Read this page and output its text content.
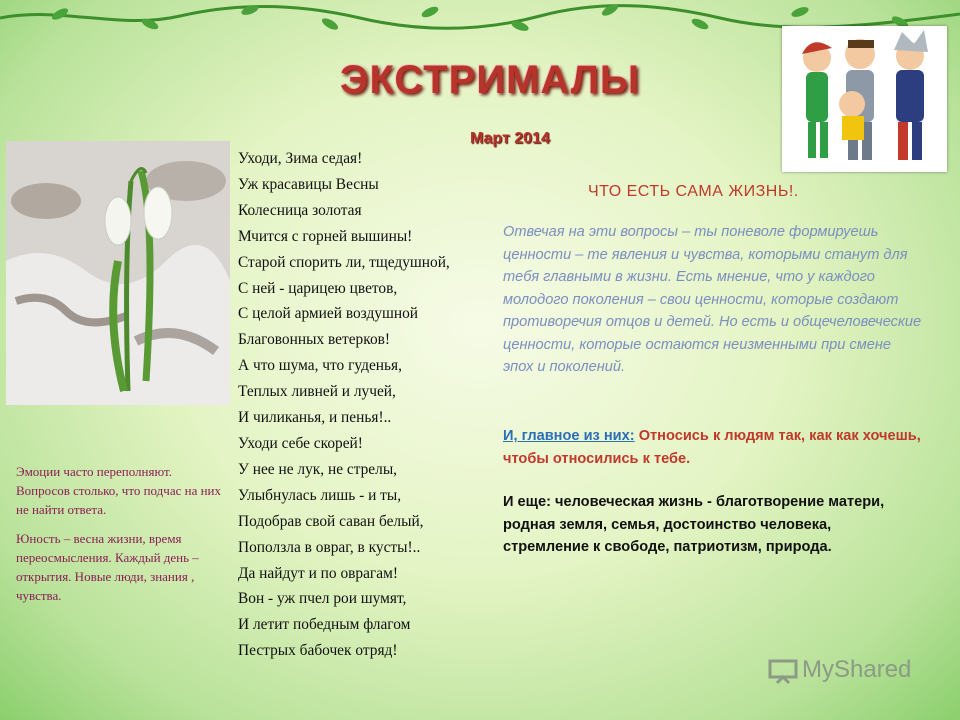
ЭКСТРИМАЛЫ
Март 2014
Уходи, Зима седая!
Уж красавицы Весны
Колесница золотая
Мчится с горней вышины!
Старой спорить ли, тщедушной,
С ней - царицею цветов,
С целой армией воздушной
Благовонных ветерков!
А что шума, что гуденья,
Теплых ливней и лучей,
И чиликанья, и пенья!..
Уходи себе скорей!
У нее не лук, не стрелы,
Улыбнулась лишь - и ты,
Подобрав свой саван белый,
Поползла в овраг, в кусты!..
Да найдут и по оврагам!
Вон - уж пчел рои шумят,
И летит победным флагом
Пестрых бабочек отряд!

Эмоции часто переполняют. Вопросов столько, что подчас на них не найти ответа.

Юность – весна жизни, время переосмысления. Каждый день – открытия. Новые люди, знания , чувства.

ЧТО ЕСТЬ САМА ЖИЗНЬ!.
Отвечая на эти вопросы – ты поневоле формируешь ценности – те явления и чувства, которыми станут для тебя главными в жизни. Есть мнение, что у каждого молодого поколения – свои ценности, которые создают противоречия отцов и детей. Но есть и общечеловеческие ценности, которые остаются неизменными при смене эпох и поколений.
И, главное из них: Относись к людям так, как как хочешь, чтобы относились к тебе.
И еще: человеческая жизнь - благотворение матери, родная земля, семья, достоинство человека, стремление к свободе, патриотизм, природа.
MyShared
